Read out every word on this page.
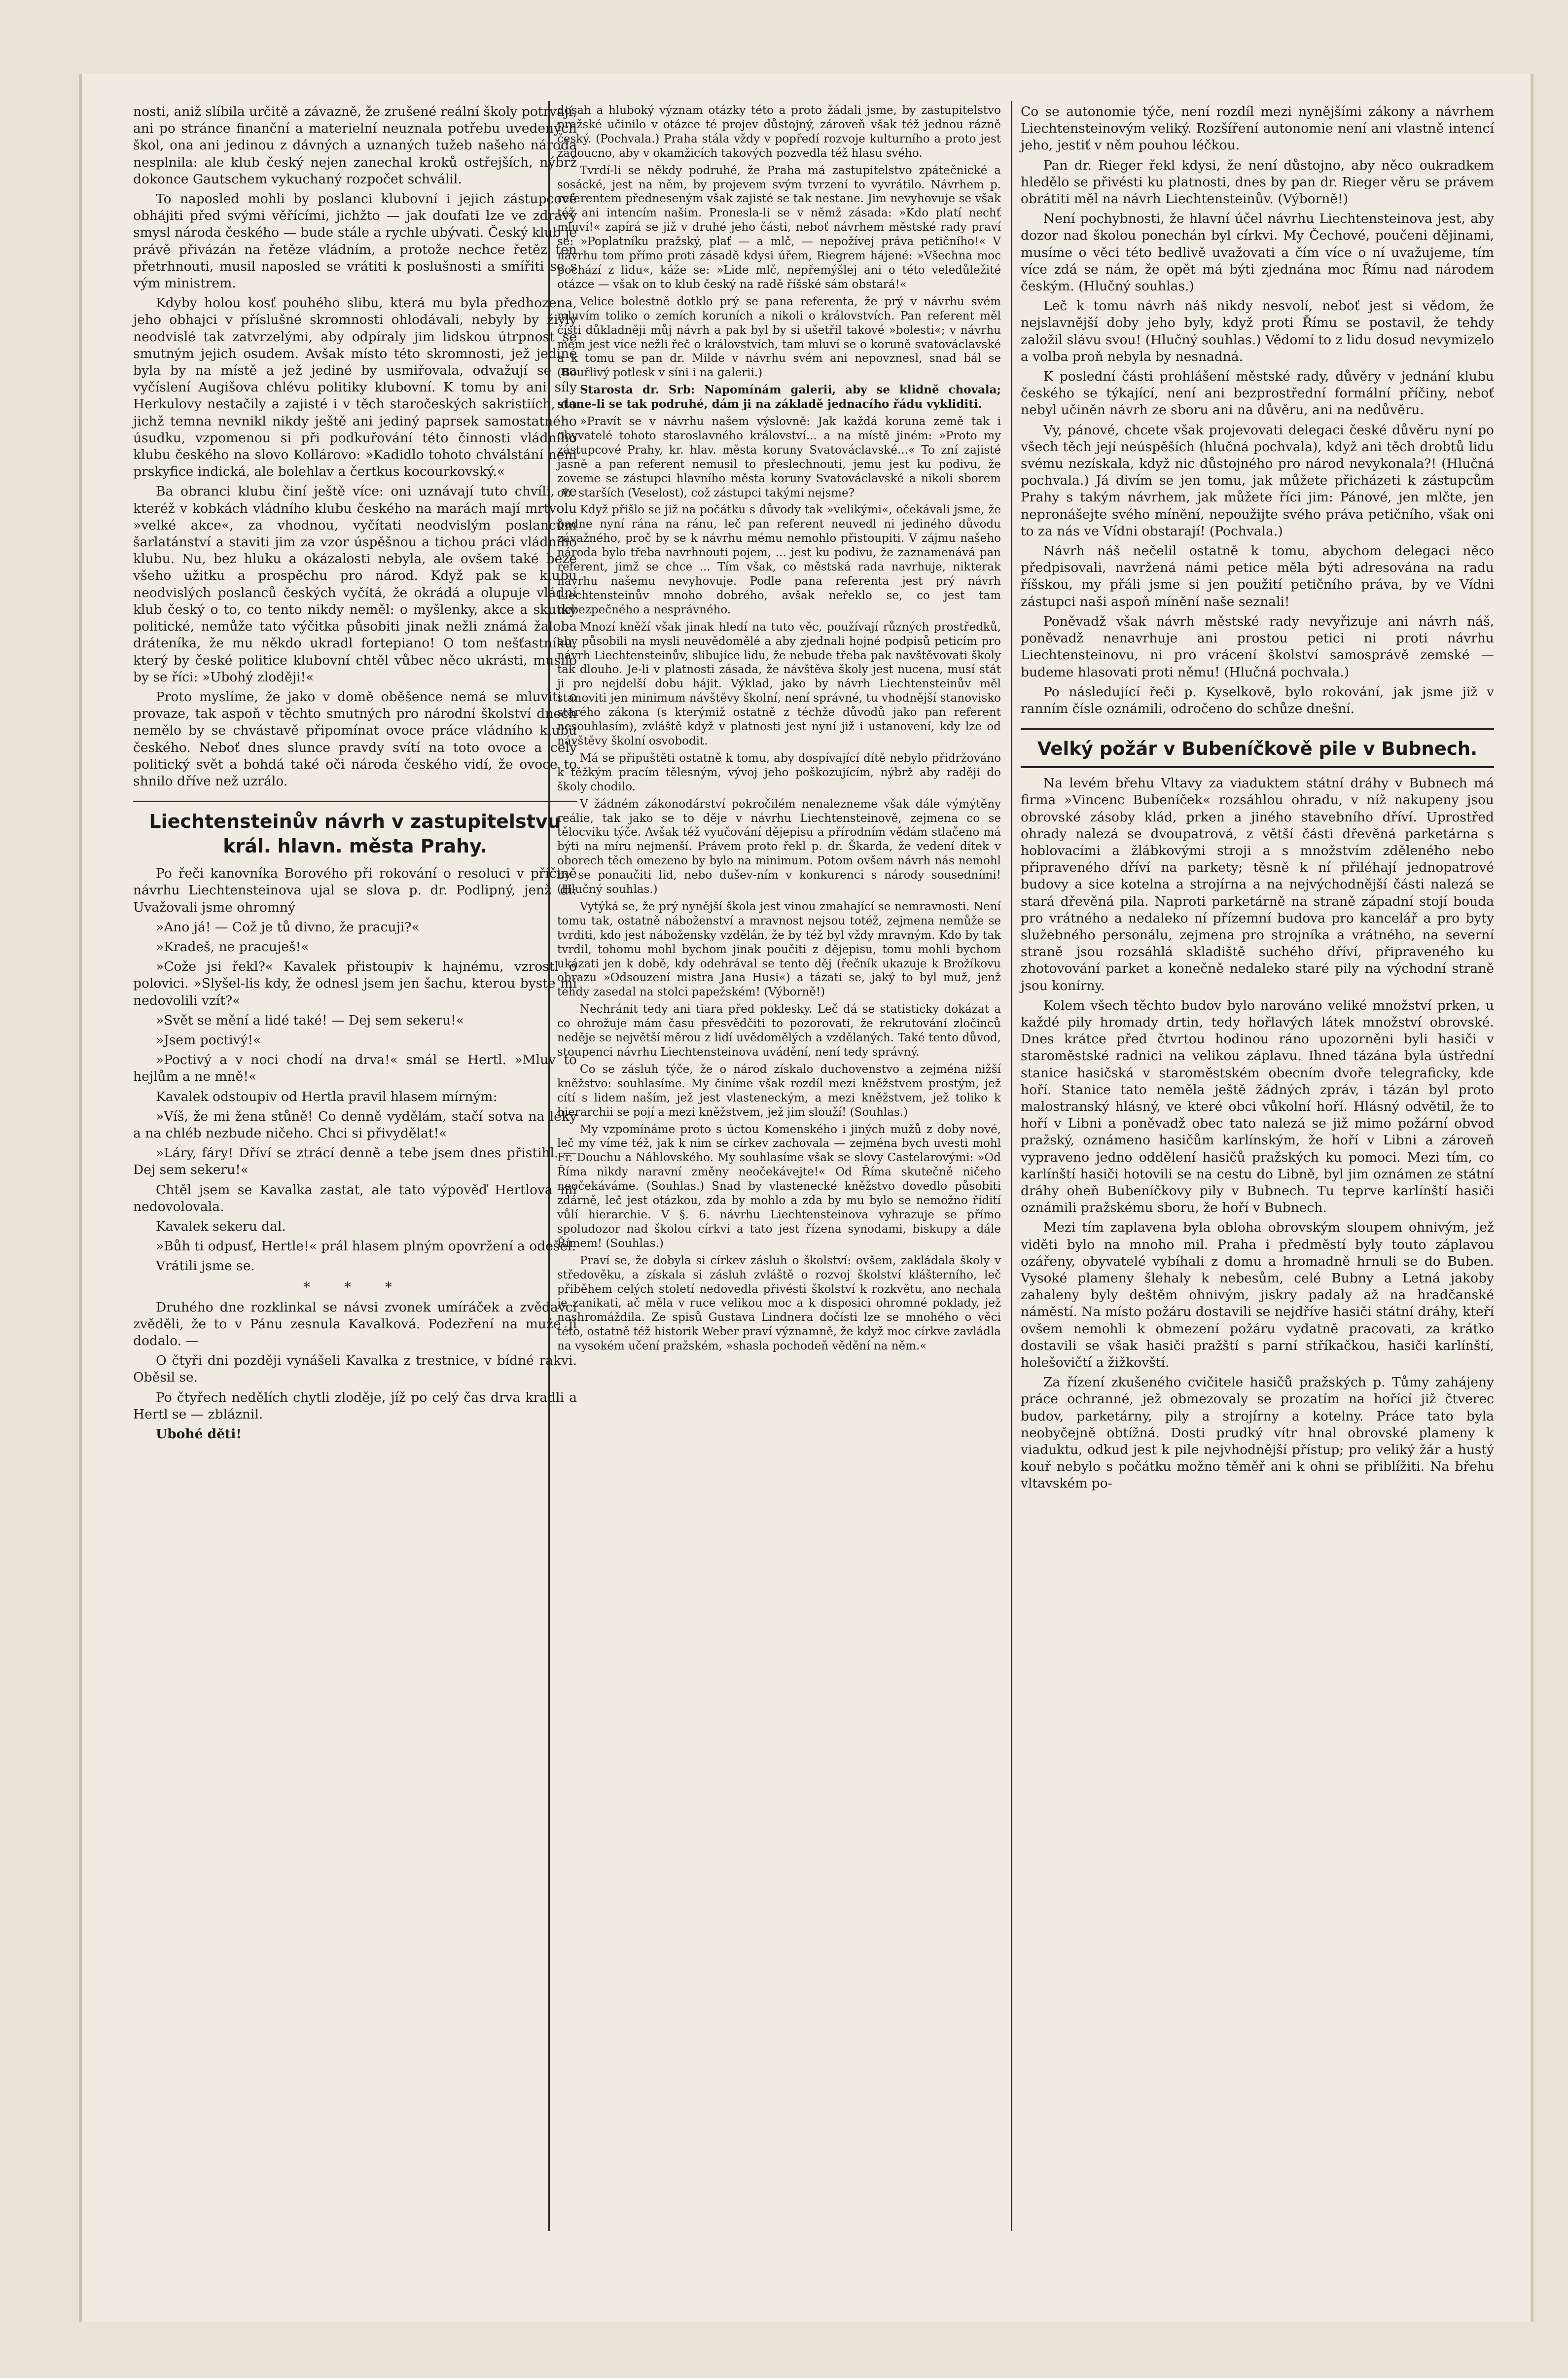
nosti, aniž slíbila určitě a závazně, že zrušené reální školy potrvají, ani po stránce finanční a materielní neuznala potřebu uvedených škol, ona ani jedinou z dávných a uznaných tužeb našeho národa nesplnila: ale klub český nejen zanechal kroků ostřejších, nýbrž dokonce Gautschem vykuchaný rozpočet schválil.

To naposled mohli by poslanci klubovní i jejich zástupcové obhájiti před svými věřícími, jichžto — jak doufati lze ve zdravý smysl národa českého — bude stále a rychle ubývati. Český klub je právě přivázán na řetěze vládním, a protože nechce řetěz ten přetrhnouti, musil naposled se vrátiti k poslušnosti a smířiti se s vým ministrem.

Kdyby holou kosť pouhého slibu, která mu byla předhozena, jeho obhajci v příslušné skromnosti ohlodávali, nebyly by živly neodvislé tak zatvrzelými, aby odpíraly jim lidskou útrpnost se smutným jejich osudem. Avšak místo této skromnosti, jež jediné byla by na místě a jež jediné by usmiřovala, odvažují se na vyčíslení Augišova chlévu politiky klubovní. K tomu by ani síly Herkulovy nestačily a zajisté i v těch staročeských sakristiích, do jichž temna nevnikl nikdy ještě ani jediný paprsek samostatného úsudku, vzpomenou si při podkuřování této činnosti vládního klubu českého na slovo Kollárovo: »Kadidlo tohoto chválstání není prskyfice indická, ale bolehlav a čertkus kocourkovský.«

Ba obranci klubu činí ještě více: oni uznávají tuto chvíli, ve kteréž v kobkách vládního klubu českého na marách mají mrtvolu »velké akce«, za vhodnou, vyčítati neodvislým poslancům šarlatánství a staviti jim za vzor úspěšnou a tichou práci vládního klubu. Nu, bez hluku a okázalosti nebyla, ale ovšem také beze všeho užitku a prospěchu pro národ. Když pak se klubu neodvislých poslanců českých vyčítá, že okrádá a olupuje vládní klub český o to, co tento nikdy neměl: o myšlenky, akce a skutky politické, nemůže tato výčitka působiti jinak nežli známá žaloba dráteníka, že mu někdo ukradl fortepiano! O tom nešťastníku, který by české politice klubovní chtěl vůbec něco ukrásti, musilo by se říci: »Ubohý zloději!«

Proto myslíme, že jako v domě oběšence nemá se mluviti o provaze, tak aspoň v těchto smutných pro národní školství dnech nemělo by se chvástavě připomínat ovoce práce vládního klubu českého. Neboť dnes slunce pravdy svítí na toto ovoce a celý politický svět a bohdá také oči národa českého vidí, že ovoce to shnilo dříve než uzrálo.

Liechtensteinův návrh v zastupitelstvu král. hlavn. města Prahy.

Po řeči kanovníka Borového při rokování o resoluci v příčině návrhu Liechtensteinova ujal se slova p. dr. Podlipný, jenž di: Uvažovali jsme ohromný

»Ano já! — Což je tů divno, že pracuji?«

»Kradeš, ne pracuješ!«

»Cože jsi řekl?« Kavalek přistoupiv k hajnému, vzrostl o polovici. »Slyšel-lis kdy, že odnesl jsem jen šachu, kterou byste mi nedovolili vzít?«

»Svět se mění a lidé také! — Dej sem sekeru!«

»Jsem poctivý!«

»Poctivý a v noci chodí na drva!« smál se Hertl. »Mluv to hejlům a ne mně!«

Kavalek odstoupiv od Hertla pravil hlasem mírným:

»Víš, že mi žena stůně! Co denně vydělám, stačí sotva na léky a na chléb nezbude ničeho. Chci si přivydělat!«

»Láry, fáry! Dříví se ztrácí denně a tebe jsem dnes přistihl. — Dej sem sekeru!«

Chtěl jsem se Kavalka zastat, ale tato výpověď Hertlova mi nedovolovala.

Kavalek sekeru dal.

»Bůh ti odpusť, Hertle!« prál hlasem plným opovržení a odešel.

Vrátili jsme se.

* * *

Druhého dne rozklinkal se návsi zvonek umíráček a zvědavci zvěděli, že to v Pánu zesnula Kavalková. Podezření na muže ji dodalo. —

O čtyři dni později vynášeli Kavalka z trestnice, v bídné rakvi. Oběsil se.

Po čtyřech nedělích chytli zloděje, jíž po celý čas drva kradli a Hertl se — zbláznil.

Ubohé děti!

dosah a hluboký význam otázky této a proto žádali jsme, by zastupitelstvo pražské učinilo v otázce té projev důstojný, zároveň však též jednou rázně český. (Pochvala.) Praha stála vždy v popředí rozvoje kulturního a proto jest žádoucno, aby v okamžicích takových pozvedla též hlasu svého.

Tvrdí-li se někdy podruhé, že Praha má zastupitelstvo zpátečnické a sosácké, jest na něm, by projevem svým tvrzení to vyvrátilo. Návrhem p. referentem předneseným však zajisté se tak nestane. Jim nevyhovuje se však též ani intencím našim. Pronesla-li se v němž zásada: »Kdo platí nechť mluví!« zapírá se již v druhé jeho části, neboť návrhem městské rady praví se: »Poplatníku pražský, plať — a mlč, — nepožívej práva petičního!« V návrhu tom přímo proti zásadě kdysi úřem, Riegrem hájené: »Všechna moc pochází z lidu«, káže se: »Lide mlč, nepřemýšlej ani o této veledůležité otázce — však on to klub český na radě říšské sám obstará!«

Velice bolestně dotklo prý se pana referenta, že prý v návrhu svém mluvím toliko o zemích koruních a nikoli o královstvích. Pan referent měl čísti důkladněji můj návrh a pak byl by si ušetřil takové »bolesti«; v návrhu mém jest více nežli řeč o královstvích, tam mluví se o koruně svatováclavské a k tomu se pan dr. Milde v návrhu svém ani nepovznesl, snad bál se (Bouřlivý potlesk v síni i na galerii.)

Starosta dr. Srb: Napomínám galerii, aby se klidně chovala; stane-li se tak podruhé, dám ji na základě jednacího řádu vykliditi.

»Pravít se v návrhu našem výslovně: Jak každá koruna země tak i obyvatelé tohoto staroslavného království... a na místě jiném: »Proto my zástupcové Prahy, kr. hlav. města koruny Svatováclavské...« To zní zajisté jasně a pan referent nemusil to přeslechnouti, jemu jest ku podivu, že zoveme se zástupci hlavního města koruny Svatováclavské a nikoli sborem ob. starších (Veselost), což zástupci takými nejsme?

Když přišlo se již na počátku s důvody tak »velikými«, očekávali jsme, že padne nyní rána na ránu, leč pan referent neuvedl ni jediného důvodu závažného, proč by se k návrhu mému nemohlo přistoupiti. V zájmu našeho národa bylo třeba navrhnouti pojem, ... jest ku podivu, že zaznamenává pan referent, jimž se chce ... Tím však, co městská rada navrhuje, nikterak návrhu našemu nevyhovuje. Podle pana referenta jest prý návrh Liechtensteinův mnoho dobrého, avšak neřeklo se, co jest tam nebezpečného a nesprávného.

Mnozí kněží však jinak hledí na tuto věc, používají různých prostředků, aby působili na mysli neuvědomělé a aby zjednali hojné podpisů peticím pro návrh Liechtensteinův, slibujíce lidu, že nebude třeba pak navštěvovati školy tak dlouho. Je-li v platnosti zásada, že návštěva školy jest nucena, musí stát ji pro nejdelší dobu hájit. Výklad, jako by návrh Liechtensteinův měl stanoviti jen minimum návštěvy školní, není správné, tu vhodnější stanovisko starého zákona (s kterýmiž ostatně z téchže důvodů jako pan referent nesouhlasím), zvláště když v platnosti jest nyní již i ustanovení, kdy lze od návštěvy školní osvobodit.

Má se připuštěti ostatně k tomu, aby dospívající dítě nebylo přidržováno k těžkým pracím tělesným, vývoj jeho poškozujícím, nýbrž aby raději do školy chodilo.

V žádném zákonodárství pokročilém nenalezneme však dále výmýtěny reálie, tak jako se to děje v návrhu Liechtensteinově, zejmena co se tělocviku týče. Avšak též vyučování dějepisu a přírodním vědám stlačeno má býti na míru nejmenší. Právem proto řekl p. dr. Škarda, že vedení dítek v oborech těch omezeno by bylo na minimum. Potom ovšem návrh nás nemohl by se ponaučiti lid, nebo dušev-ním v konkurenci s národy sousedními! (Hlučný souhlas.)

Vytýká se, že prý nynější škola jest vinou zmahající se nemravnosti. Není tomu tak, ostatně náboženství a mravnost nejsou totéž, zejmena nemůže se tvrditi, kdo jest nábožensky vzdělán, že by též byl vždy mravným. Kdo by tak tvrdil, tohomu mohl bychom jinak poučiti z dějepisu, tomu mohli bychom ukázati jen k době, kdy odehrával se tento děj (řečník ukazuje k Brožíkovu obrazu »Odsouzení mistra Jana Husi«) a tázati se, jaký to byl muž, jenž tehdy zasedal na stolci papežském! (Výborně!)

Nechránit tedy ani tiara před poklesky. Leč dá se statisticky dokázat a co ohrožuje mám času přesvědčiti to pozorovati, že rekrutování zločinců neděje se největší měrou z lidí uvědomělých a vzdělaných. Také tento důvod, stoupenci návrhu Liechtensteinova uvádění, není tedy správný.

Co se zásluh týče, že o národ získalo duchovenstvo a zejména nižší kněžstvo: souhlasíme. My činíme však rozdíl mezi kněžstvem prostým, jež cítí s lidem naším, jež jest vlasteneckým, a mezi kněžstvem, jež toliko k hierarchii se pojí a mezi kněžstvem, jež jim slouží! (Souhlas.)

My vzpomínáme proto s úctou Komenského i jiných mužů z doby nové, leč my víme též, jak k nim se církev zachovala — zejména bych uvesti mohl Fr. Douchu a Náhlovského. My souhlasíme však se slovy Castelarovými: »Od Říma nikdy naravní změny neočekávejte!« Od Říma skutečně ničeho neočekáváme. (Souhlas.) Snad by vlastenecké kněžstvo dovedlo působiti zdárně, leč jest otázkou, zda by mohlo a zda by mu bylo se nemožno řídití vůlí hierarchie. V §. 6. návrhu Liechtensteinova vyhrazuje se přímo spoludozor nad školou církvi a tato jest řízena synodami, biskupy a dále Římem! (Souhlas.)

Praví se, že dobyla si církev zásluh o školství: ovšem, zakládala školy v středověku, a získala si zásluh zvláště o rozvoj školství klášterního, leč přiběhem celých století nedovedla přivésti školství k rozkvětu, ano nechala je zanikati, ač měla v ruce velikou moc a k disposici ohromné poklady, jež nashromáždila. Ze spisů Gustava Lindnera dočísti lze se mnohého o věci této, ostatně též historik Weber praví významně, že když moc církve zavládla na vysokém učení pražském, »shasla pochodeň vědění na něm.«

Co se autonomie týče, není rozdíl mezi nynějšími zákony a návrhem Liechtensteinovým veliký. Rozšíření autonomie není ani vlastně intencí jeho, jestiť v něm pouhou léčkou.

Pan dr. Rieger řekl kdysi, že není důstojno, aby něco oukradkem hledělo se přivésti ku platnosti, dnes by pan dr. Rieger věru se právem obrátiti měl na návrh Liechtensteinův. (Výborně!)

Není pochybnosti, že hlavní účel návrhu Liechtensteinova jest, aby dozor nad školou ponechán byl církvi. My Čechové, poučeni dějinami, musíme o věci této bedlivě uvažovati a čím více o ní uvažujeme, tím více zdá se nám, že opět má býti zjednána moc Římu nad národem českým. (Hlučný souhlas.)

Leč k tomu návrh náš nikdy nesvolí, neboť jest si vědom, že nejslavnější doby jeho byly, když proti Římu se postavil, že tehdy založil slávu svou! (Hlučný souhlas.) Vědomí to z lidu dosud nevymizelo a volba proň nebyla by nesnadná.

K poslední části prohlášení městské rady, důvěry v jednání klubu českého se týkající, není ani bezprostřední formální příčiny, neboť nebyl učiněn návrh ze sboru ani na důvěru, ani na nedůvěru.

Vy, pánové, chcete však projevovati delegaci české důvěru nyní po všech těch její neúspěších (hlučná pochvala), když ani těch drobtů lidu svému nezískala, když nic důstojného pro národ nevykonala?! (Hlučná pochvala.) Já divím se jen tomu, jak můžete přicházeti k zástupcům Prahy s takým návrhem, jak můžete říci jim: Pánové, jen mlčte, jen nepronášejte svého mínění, nepoužijte svého práva petičního, však oni to za nás ve Vídni obstarají! (Pochvala.)

Návrh náš nečelil ostatně k tomu, abychom delegaci něco předpisovali, navržená námi petice měla býti adresována na radu říšskou, my přáli jsme si jen použití petičního práva, by ve Vídni zástupci naši aspoň mínění naše seznali!

Poněvadž však návrh městské rady nevyřizuje ani návrh náš, poněvadž nenavrhuje ani prostou petici ni proti návrhu Liechtensteinovu, ni pro vrácení školství samosprávě zemské — budeme hlasovati proti němu! (Hlučná pochvala.)

Po následující řeči p. Kyselkově, bylo rokování, jak jsme již v ranním čísle oznámili, odročeno do schůze dnešní.

Velký požár v Bubeníčkově pile v Bubnech.

Na levém břehu Vltavy za viaduktem státní dráhy v Bubnech má firma »Vincenc Bubeníček« rozsáhlou ohradu, v níž nakupeny jsou obrovské zásoby klád, prken a jiného stavebního dříví. Uprostřed ohrady nalezá se dvoupatrová, z větší části dřevěná parketárna s hoblovacími a žlábkovými stroji a s množstvím zděleného nebo připraveného dříví na parkety; těsně k ní přiléhají jednopatrové budovy a sice kotelna a strojírna a na nejvýchodnější části nalezá se stará dřevěná pila. Naproti parketárně na straně západní stojí bouda pro vrátného a nedaleko ní přízemní budova pro kancelář a pro byty služebného personálu, zejmena pro strojníka a vrátného, na severní straně jsou rozsáhlá skladiště suchého dříví, připraveného ku zhotovování parket a konečně nedaleko staré pily na východní straně jsou konírny.

Kolem všech těchto budov bylo narováno veliké množství prken, u každé pily hromady drtin, tedy hořlavých látek množství obrovské. Dnes krátce před čtvrtou hodinou ráno upozorněni byli hasiči v staroměstské radnici na velikou záplavu. Ihned tázána byla ústřední stanice hasičská v staroměstském obecním dvoře telegraficky, kde hoří. Stanice tato neměla ještě žádných zpráv, i tázán byl proto malostranský hlásný, ve které obci vůkolní hoří. Hlásný odvětil, že to hoří v Libni a poněvadž obec tato nalezá se již mimo požární obvod pražský, oznámeno hasičům karlínským, že hoří v Libni a zároveň vypraveno jedno oddělení hasičů pražských ku pomoci. Mezi tím, co karlínští hasiči hotovili se na cestu do Libně, byl jim oznámen ze státní dráhy oheň Bubeníčkovy pily v Bubnech. Tu teprve karlínští hasiči oznámili pražskému sboru, že hoří v Bubnech.

Mezi tím zaplavena byla obloha obrovským sloupem ohnivým, jež viděti bylo na mnoho mil. Praha i předměstí byly touto záplavou ozářeny, obyvatelé vybíhali z domu a hromadně hrnuli se do Buben. Vysoké plameny šlehaly k nebesům, celé Bubny a Letná jakoby zahaleny byly deštěm ohnivým, jiskry padaly až na hradčanské náměstí. Na místo požáru dostavili se nejdříve hasiči státní dráhy, kteří ovšem nemohli k obmezení požáru vydatně pracovati, za krátko dostavili se však hasiči pražští s parní stříkačkou, hasiči karlínští, holešovičtí a žižkovští.

Za řízení zkušeného cvičitele hasičů pražských p. Tůmy zahájeny práce ochranné, jež obmezovaly se prozatím na hořící již čtverec budov, parketárny, pily a strojírny a kotelny. Práce tato byla neobyčejně obtížná. Dosti prudký vítr hnal obrovské plameny k viaduktu, odkud jest k pile nejvhodnější přístup; pro veliký žár a hustý kouř nebylo s počátku možno těměř ani k ohni se přiblížiti. Na břehu vltavském po-
